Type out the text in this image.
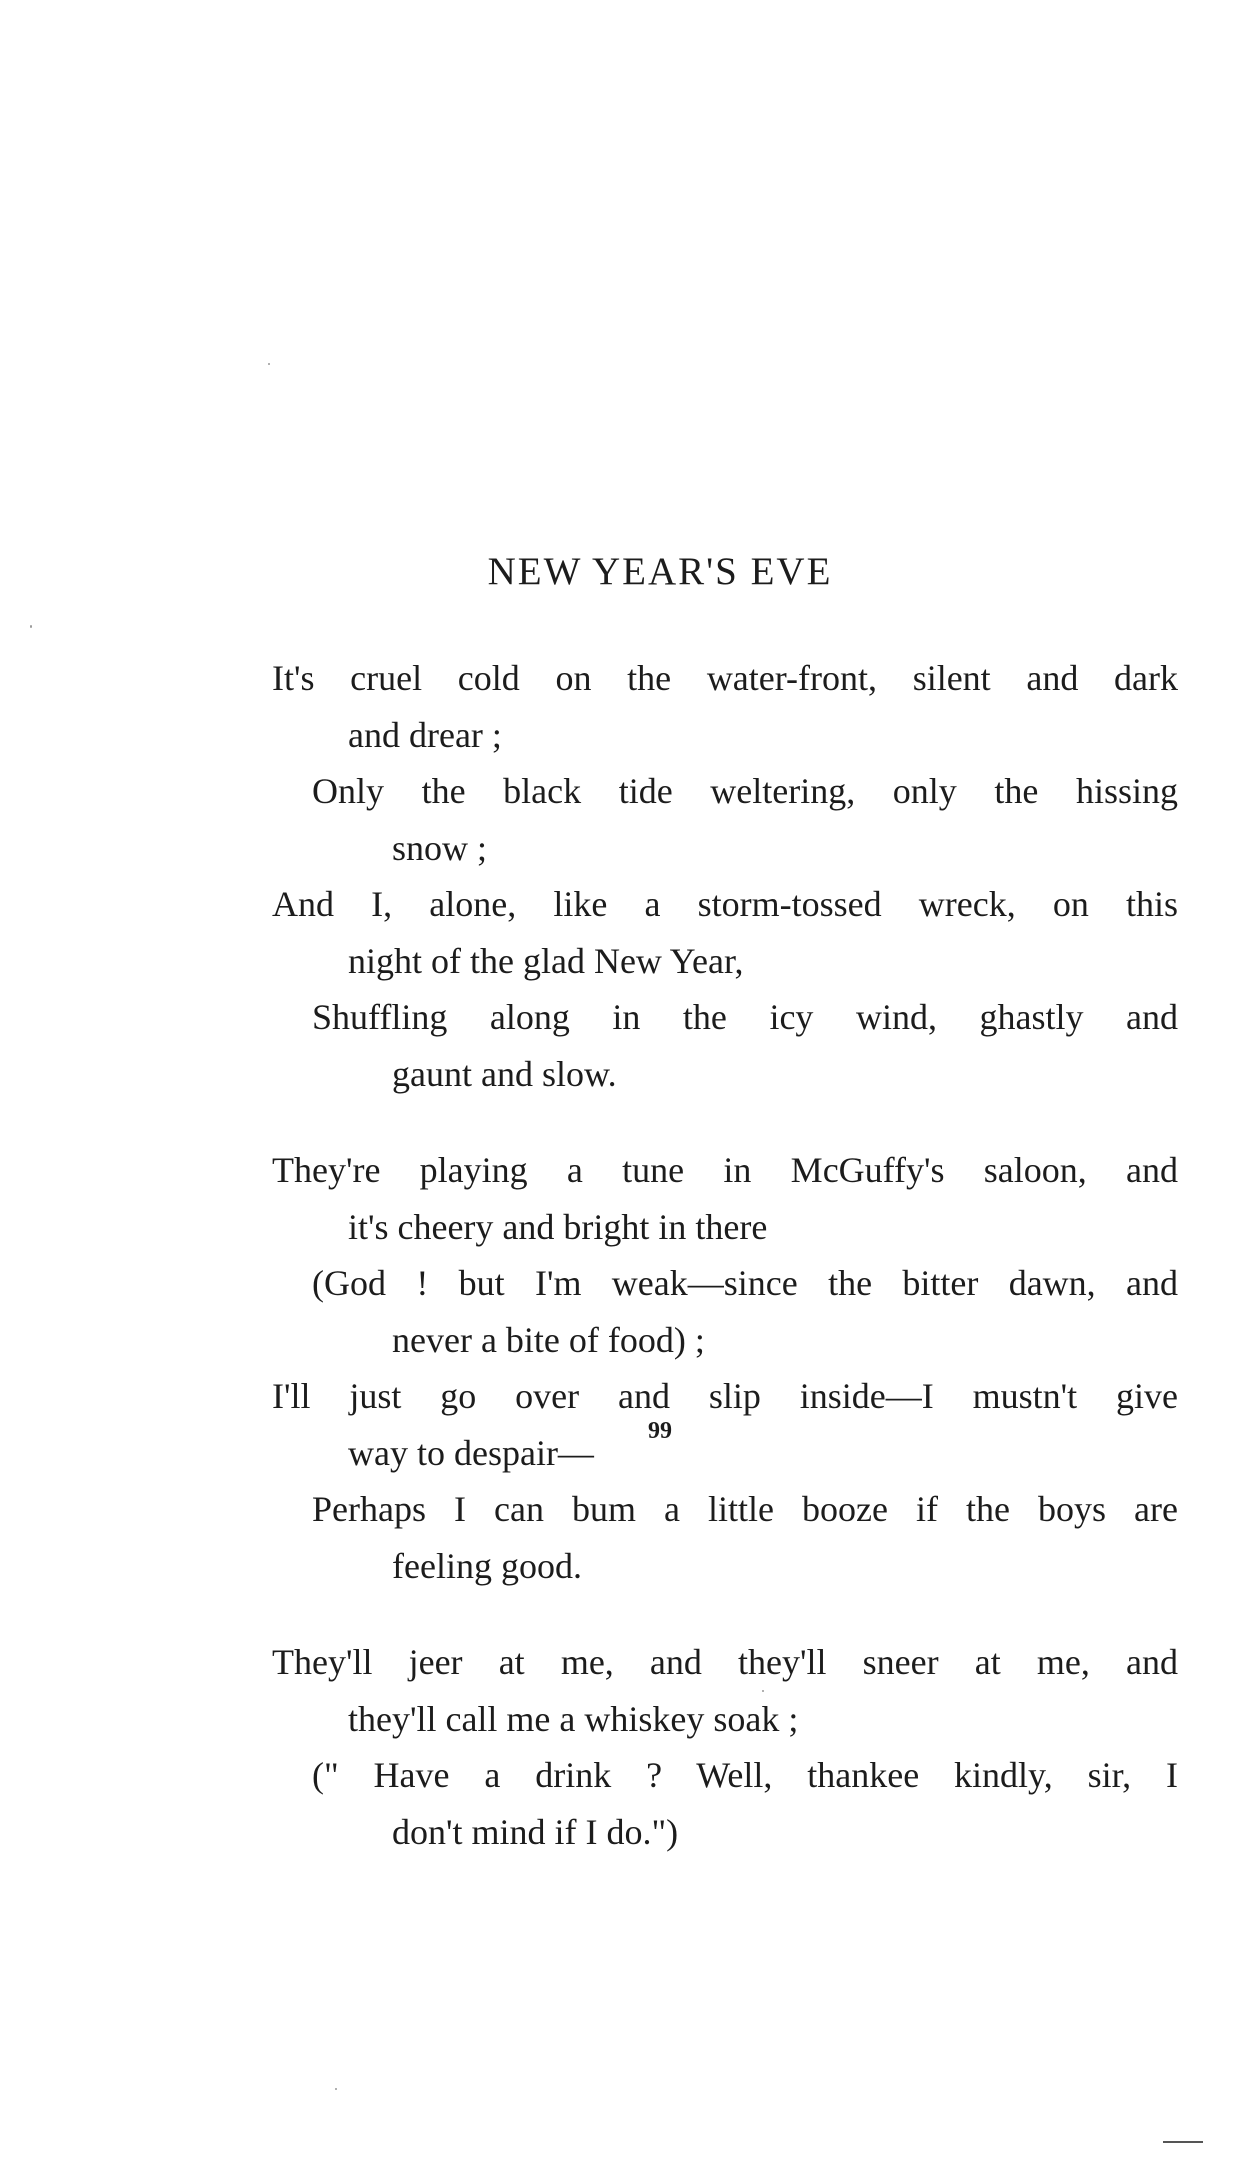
NEW YEAR'S EVE
It's cruel cold on the water-front, silent and dark
and drear ;
Only the black tide weltering, only the hissing
snow ;
And I, alone, like a storm-tossed wreck, on this
night of the glad New Year,
Shuffling along in the icy wind, ghastly and
gaunt and slow.
They're playing a tune in McGuffy's saloon, and
it's cheery and bright in there
(God ! but I'm weak—since the bitter dawn, and
never a bite of food) ;
I'll just go over and slip inside—I mustn't give
way to despair—
Perhaps I can bum a little booze if the boys are
feeling good.
They'll jeer at me, and they'll sneer at me, and
they'll call me a whiskey soak ;
(" Have a drink ? Well, thankee kindly, sir, I
don't mind if I do.")
99
